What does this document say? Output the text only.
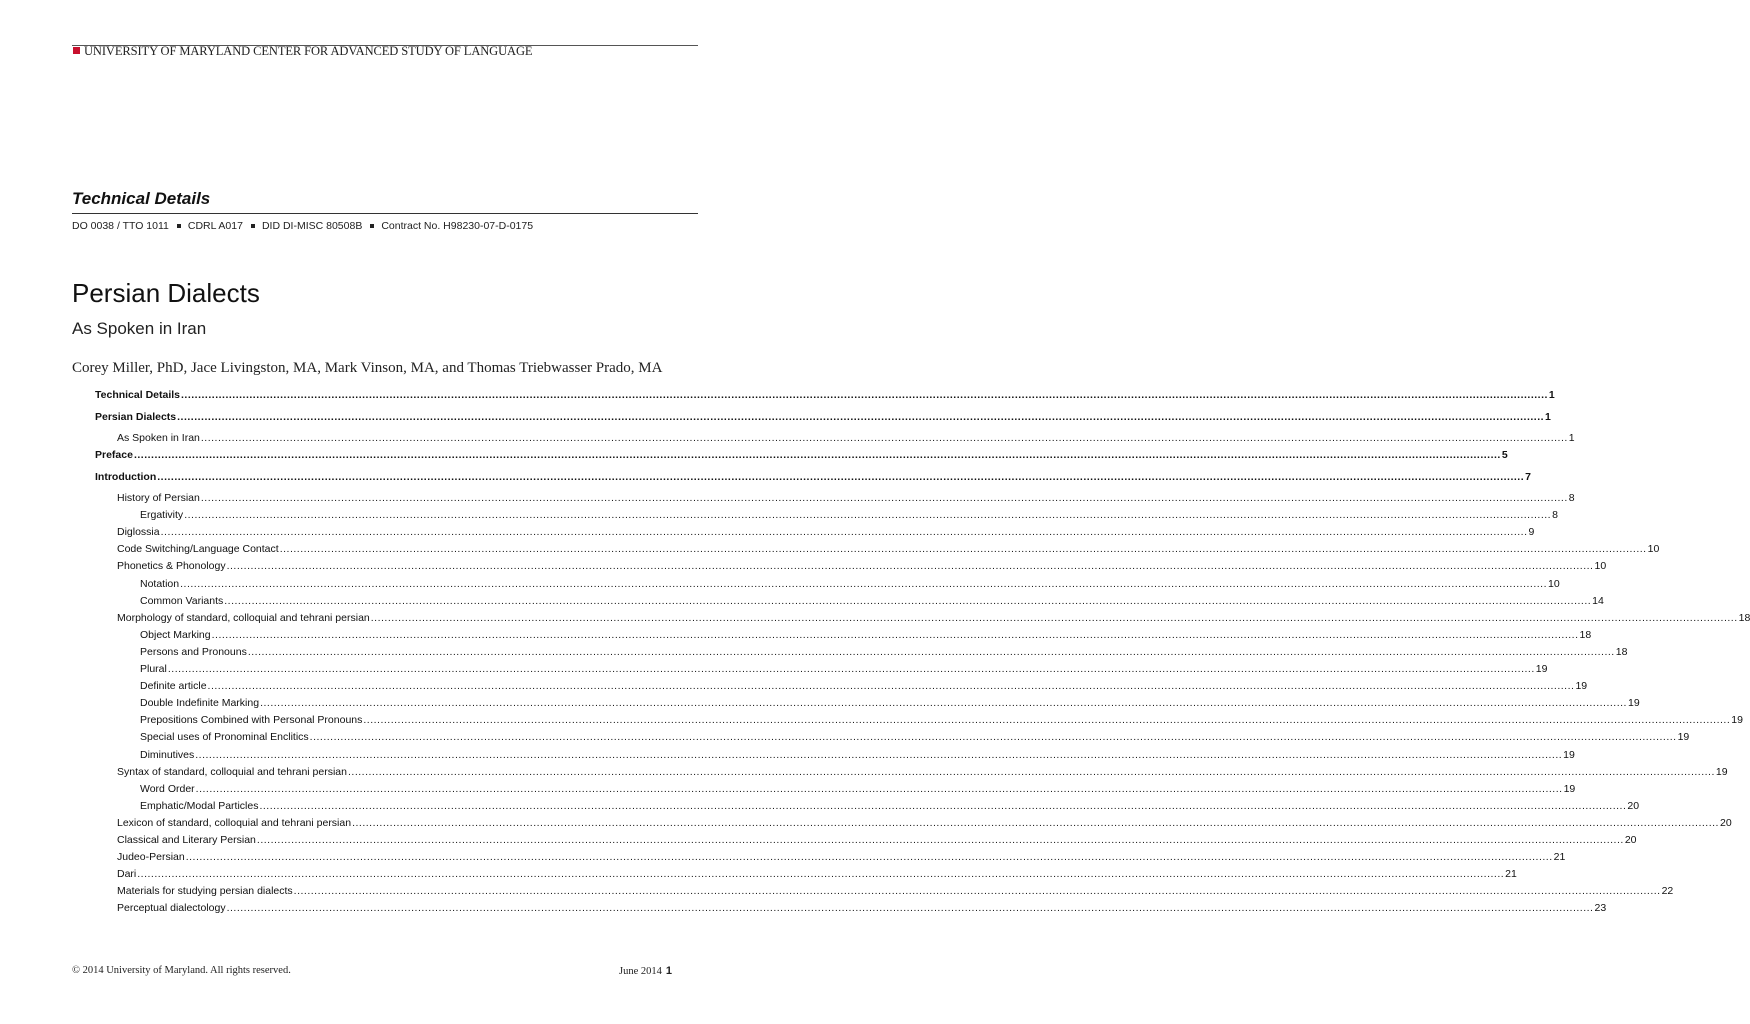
UNIVERSITY OF MARYLAND CENTER FOR ADVANCED STUDY OF LANGUAGE
Technical Details
DO 0038 / TTO 1011 CDRL A017 DID DI-MISC 80508B Contract No. H98230-07-D-0175
Persian Dialects
As Spoken in Iran
Corey Miller, PhD, Jace Livingston, MA, Mark Vinson, MA, and Thomas Triebwasser Prado, MA
Technical Details ................................................................................................................................................................................................................................................................................................................................................................................................................ 1
Persian Dialects ................................................................................................................................................................................................................................................................................................................................................................................................................ 1
As Spoken in Iran ................................................................................................................................................................................................................................................................................................................................................................................................................ 1
Preface ................................................................................................................................................................................................................................................................................................................................................................................................................ 5
Introduction ................................................................................................................................................................................................................................................................................................................................................................................................................ 7
History of Persian ................................................................................................................................................................................................................................................................................................................................................................................................................ 8
Ergativity ................................................................................................................................................................................................................................................................................................................................................................................................................ 8
Diglossia ................................................................................................................................................................................................................................................................................................................................................................................................................ 9
Code Switching/Language Contact ................................................................................................................................................................................................................................................................................................................................................................................................................ 10
Phonetics & Phonology ................................................................................................................................................................................................................................................................................................................................................................................................................ 10
Notation ................................................................................................................................................................................................................................................................................................................................................................................................................ 10
Common Variants ................................................................................................................................................................................................................................................................................................................................................................................................................ 14
Morphology of standard, colloquial and tehrani persian ................................................................................................................................................................................................................................................................................................................................................................................................................ 18
Object Marking ................................................................................................................................................................................................................................................................................................................................................................................................................ 18
Persons and Pronouns ................................................................................................................................................................................................................................................................................................................................................................................................................ 18
Plural ................................................................................................................................................................................................................................................................................................................................................................................................................ 19
Definite article ................................................................................................................................................................................................................................................................................................................................................................................................................ 19
Double Indefinite Marking ................................................................................................................................................................................................................................................................................................................................................................................................................ 19
Prepositions Combined with Personal Pronouns ................................................................................................................................................................................................................................................................................................................................................................................................................ 19
Special uses of Pronominal Enclitics ................................................................................................................................................................................................................................................................................................................................................................................................................ 19
Diminutives ................................................................................................................................................................................................................................................................................................................................................................................................................ 19
Syntax of standard, colloquial and tehrani persian ................................................................................................................................................................................................................................................................................................................................................................................................................ 19
Word Order ................................................................................................................................................................................................................................................................................................................................................................................................................ 19
Emphatic/Modal Particles ................................................................................................................................................................................................................................................................................................................................................................................................................ 20
Lexicon of standard, colloquial and tehrani persian ................................................................................................................................................................................................................................................................................................................................................................................................................ 20
Classical and Literary Persian ................................................................................................................................................................................................................................................................................................................................................................................................................ 20
Judeo-Persian ................................................................................................................................................................................................................................................................................................................................................................................................................ 21
Dari ................................................................................................................................................................................................................................................................................................................................................................................................................ 21
Materials for studying persian dialects ................................................................................................................................................................................................................................................................................................................................................................................................................ 22
Perceptual dialectology ................................................................................................................................................................................................................................................................................................................................................................................................................ 23
© 2014 University of Maryland. All rights reserved.	June 2014 1
